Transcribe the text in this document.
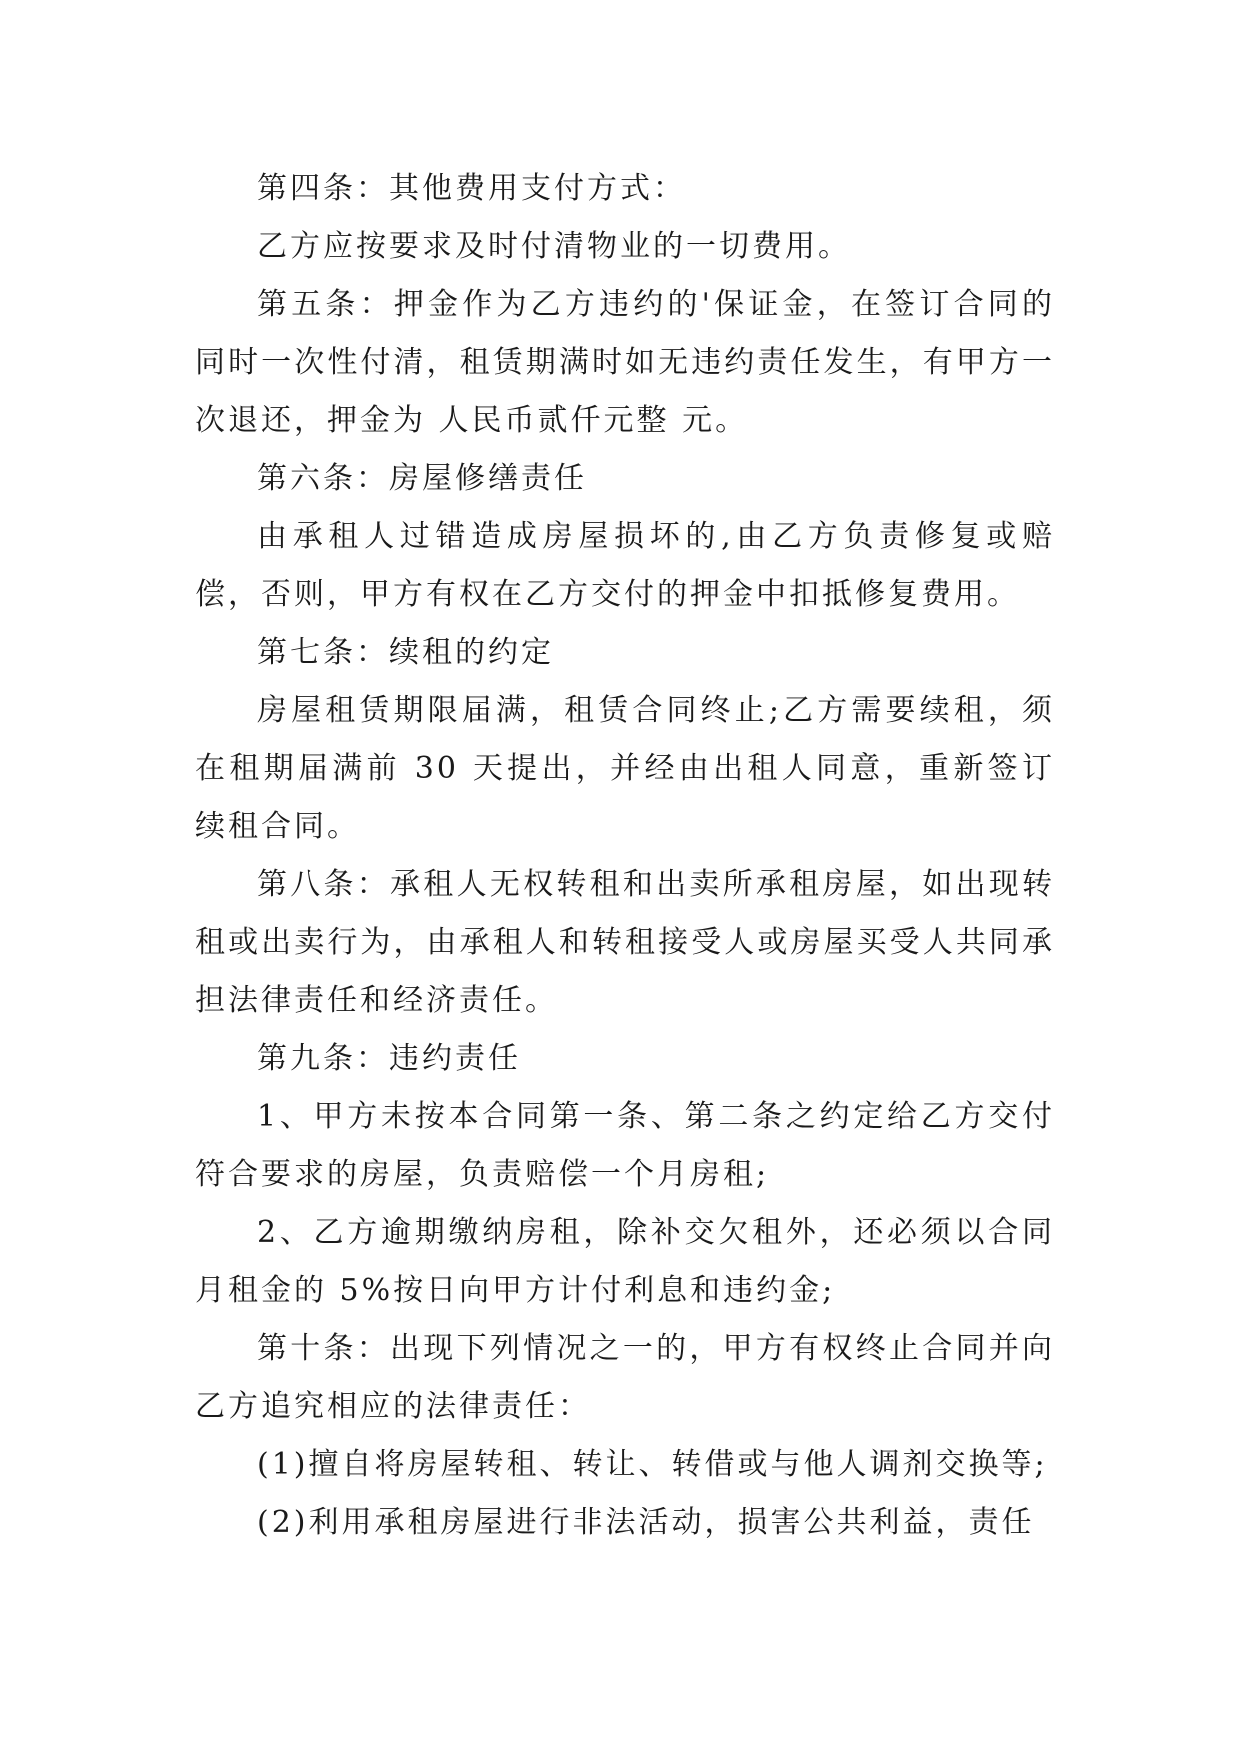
第四条：其他费用支付方式：

乙方应按要求及时付清物业的一切费用。

第五条：押金作为乙方违约的'保证金，在签订合同的同时一次性付清，租赁期满时如无违约责任发生，有甲方一次退还，押金为 人民币贰仟元整 元。

第六条：房屋修缮责任

由承租人过错造成房屋损坏的,由乙方负责修复或赔偿，否则，甲方有权在乙方交付的押金中扣抵修复费用。

第七条：续租的约定

房屋租赁期限届满，租赁合同终止;乙方需要续租，须在租期届满前 30 天提出，并经由出租人同意，重新签订续租合同。

第八条：承租人无权转租和出卖所承租房屋，如出现转租或出卖行为，由承租人和转租接受人或房屋买受人共同承担法律责任和经济责任。

第九条：违约责任

1、甲方未按本合同第一条、第二条之约定给乙方交付符合要求的房屋，负责赔偿一个月房租;

2、乙方逾期缴纳房租，除补交欠租外，还必须以合同月租金的 5%按日向甲方计付利息和违约金;

第十条：出现下列情况之一的，甲方有权终止合同并向乙方追究相应的法律责任：

(1)擅自将房屋转租、转让、转借或与他人调剂交换等;

(2)利用承租房屋进行非法活动，损害公共利益，责任
